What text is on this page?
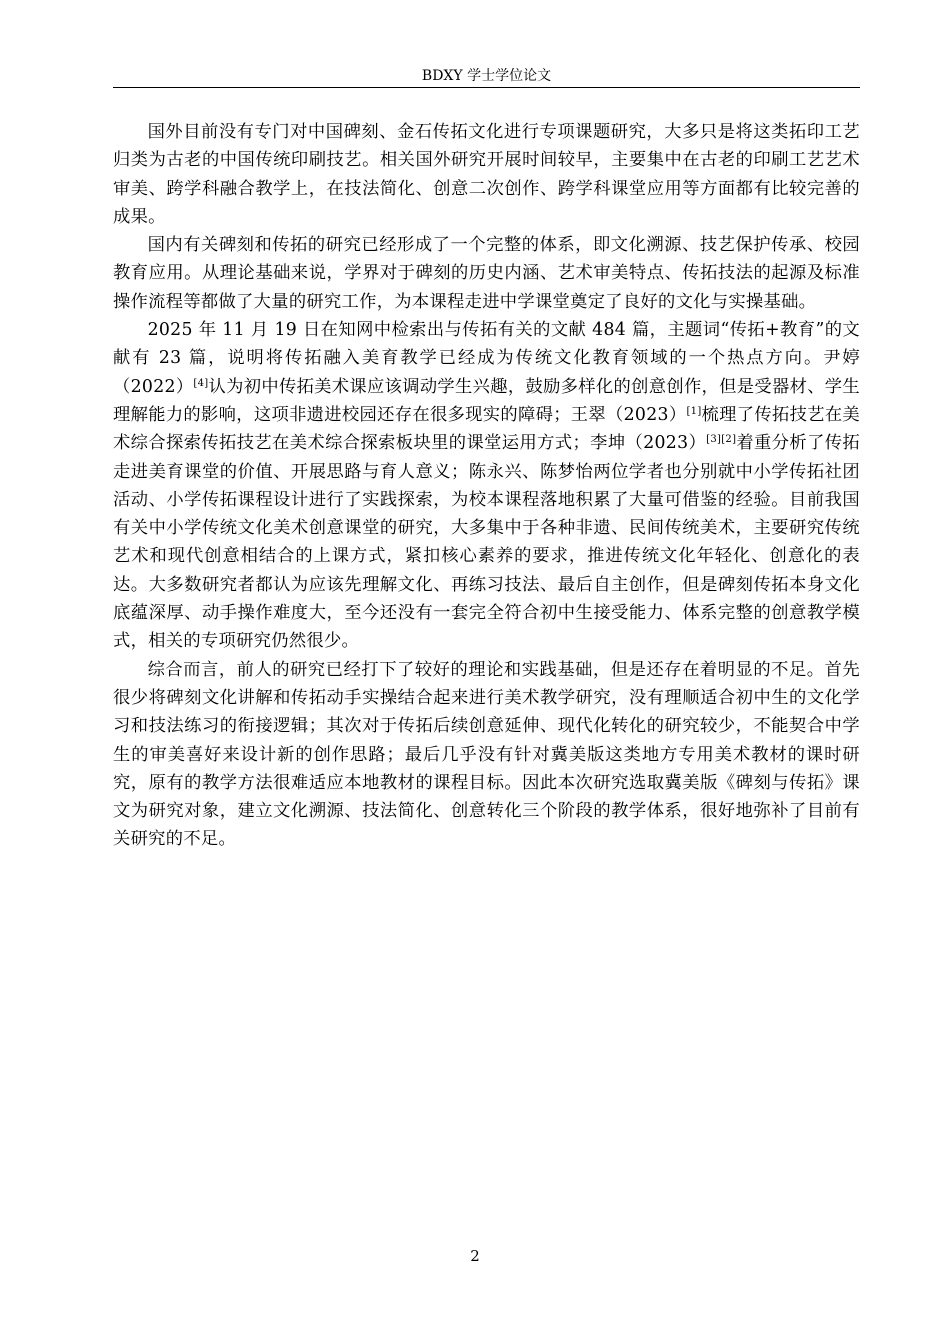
BDXY 学士学位论文

国外目前没有专门对中国碑刻、金石传拓文化进行专项课题研究，大多只是将这类拓印工艺归类为古老的中国传统印刷技艺。相关国外研究开展时间较早，主要集中在古老的印刷工艺艺术审美、跨学科融合教学上，在技法简化、创意二次创作、跨学科课堂应用等方面都有比较完善的成果。

国内有关碑刻和传拓的研究已经形成了一个完整的体系，即文化溯源、技艺保护传承、校园教育应用。从理论基础来说，学界对于碑刻的历史内涵、艺术审美特点、传拓技法的起源及标准操作流程等都做了大量的研究工作，为本课程走进中学课堂奠定了良好的文化与实操基础。

2025 年 11 月 19 日在知网中检索出与传拓有关的文献 484 篇，主题词“传拓+教育”的文献有 23 篇，说明将传拓融入美育教学已经成为传统文化教育领域的一个热点方向。尹婷（2022）[4]认为初中传拓美术课应该调动学生兴趣，鼓励多样化的创意创作，但是受器材、学生理解能力的影响，这项非遗进校园还存在很多现实的障碍；王翠（2023）[1]梳理了传拓技艺在美术综合探索传拓技艺在美术综合探索板块里的课堂运用方式；李坤（2023）[3][2]着重分析了传拓走进美育课堂的价值、开展思路与育人意义；陈永兴、陈梦怡两位学者也分别就中小学传拓社团活动、小学传拓课程设计进行了实践探索，为校本课程落地积累了大量可借鉴的经验。目前我国有关中小学传统文化美术创意课堂的研究，大多集中于各种非遗、民间传统美术，主要研究传统艺术和现代创意相结合的上课方式，紧扣核心素养的要求，推进传统文化年轻化、创意化的表达。大多数研究者都认为应该先理解文化、再练习技法、最后自主创作，但是碑刻传拓本身文化底蕴深厚、动手操作难度大，至今还没有一套完全符合初中生接受能力、体系完整的创意教学模式，相关的专项研究仍然很少。

综合而言，前人的研究已经打下了较好的理论和实践基础，但是还存在着明显的不足。首先很少将碑刻文化讲解和传拓动手实操结合起来进行美术教学研究，没有理顺适合初中生的文化学习和技法练习的衔接逻辑；其次对于传拓后续创意延伸、现代化转化的研究较少，不能契合中学生的审美喜好来设计新的创作思路；最后几乎没有针对冀美版这类地方专用美术教材的课时研究，原有的教学方法很难适应本地教材的课程目标。因此本次研究选取冀美版《碑刻与传拓》课文为研究对象，建立文化溯源、技法简化、创意转化三个阶段的教学体系，很好地弥补了目前有关研究的不足。

2
